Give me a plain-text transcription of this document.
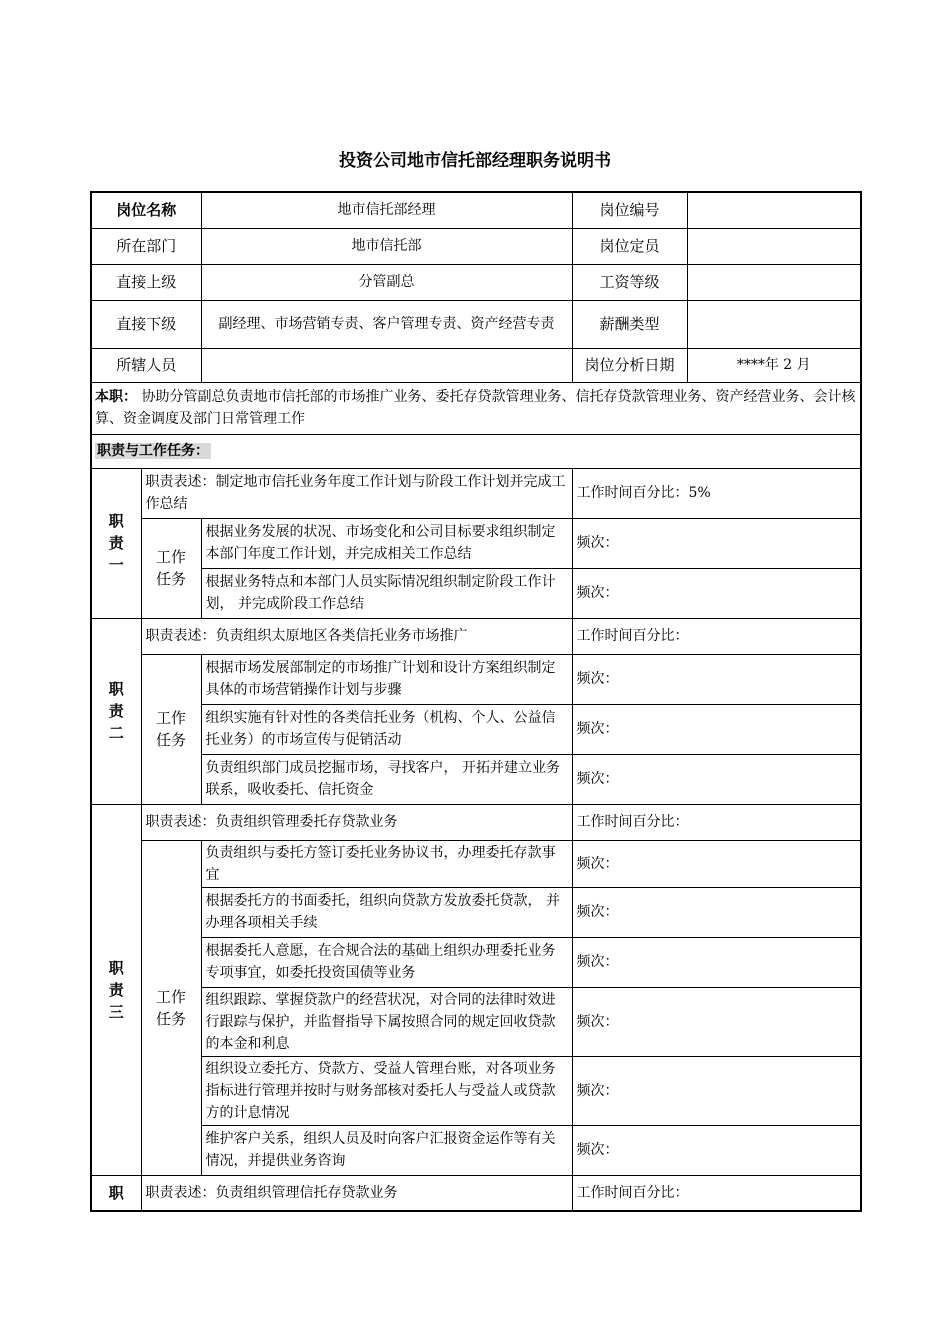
投资公司地市信托部经理职务说明书
岗位名称		地市信托部经理	岗位编号	
所在部门		地市信托部	岗位定员	
直接上级		分管副总	工资等级	
直接下级		副经理、市场营销专责、客户管理专责、资产经营专责	薪酬类型	
所辖人员			岗位分析日期	****年 2 月
本职： 协助分管副总负责地市信托部的市场推广业务、委托存贷款管理业务、信托存贷款管理业务、资产经营业务、会计核算、资金调度及部门日常管理工作				
职责与工作任务：				

职责一	职责表述：制定地市信托业务年度工作计划与阶段工作计划并完成工作总结		工作时间百分比：5%	

	工作任务	根据业务发展的状况、市场变化和公司目标要求组织制定本部门年度工作计划，并完成相关工作总结	频次：	
		根据业务特点和本部门人员实际情况组织制定阶段工作计划， 并完成阶段工作总结	频次：	

职责二	职责表述：负责组织太原地区各类信托业务市场推广		工作时间百分比：	

	工作任务	根据市场发展部制定的市场推广计划和设计方案组织制定具体的市场营销操作计划与步骤	频次：	
		组织实施有针对性的各类信托业务（机构、个人、公益信托业务）的市场宣传与促销活动	频次：	
		负责组织部门成员挖掘市场，寻找客户， 开拓并建立业务联系，吸收委托、信托资金	频次：	

职责三	职责表述：负责组织管理委托存贷款业务		工作时间百分比：	

	工作任务	负责组织与委托方签订委托业务协议书，办理委托存款事宜	频次：	
		根据委托方的书面委托，组织向贷款方发放委托贷款， 并办理各项相关手续	频次：	
		根据委托人意愿，在合规合法的基础上组织办理委托业务专项事宜，如委托投资国债等业务	频次：	
		组织跟踪、掌握贷款户的经营状况，对合同的法律时效进行跟踪与保护，并监督指导下属按照合同的规定回收贷款的本金和利息	频次：	
		组织设立委托方、贷款方、受益人管理台账，对各项业务指标进行管理并按时与财务部核对委托人与受益人或贷款方的计息情况	频次：	
		维护客户关系，组织人员及时向客户汇报资金运作等有关情况，并提供业务咨询	频次：	
职	职责表述：负责组织管理信托存贷款业务		工作时间百分比：	
